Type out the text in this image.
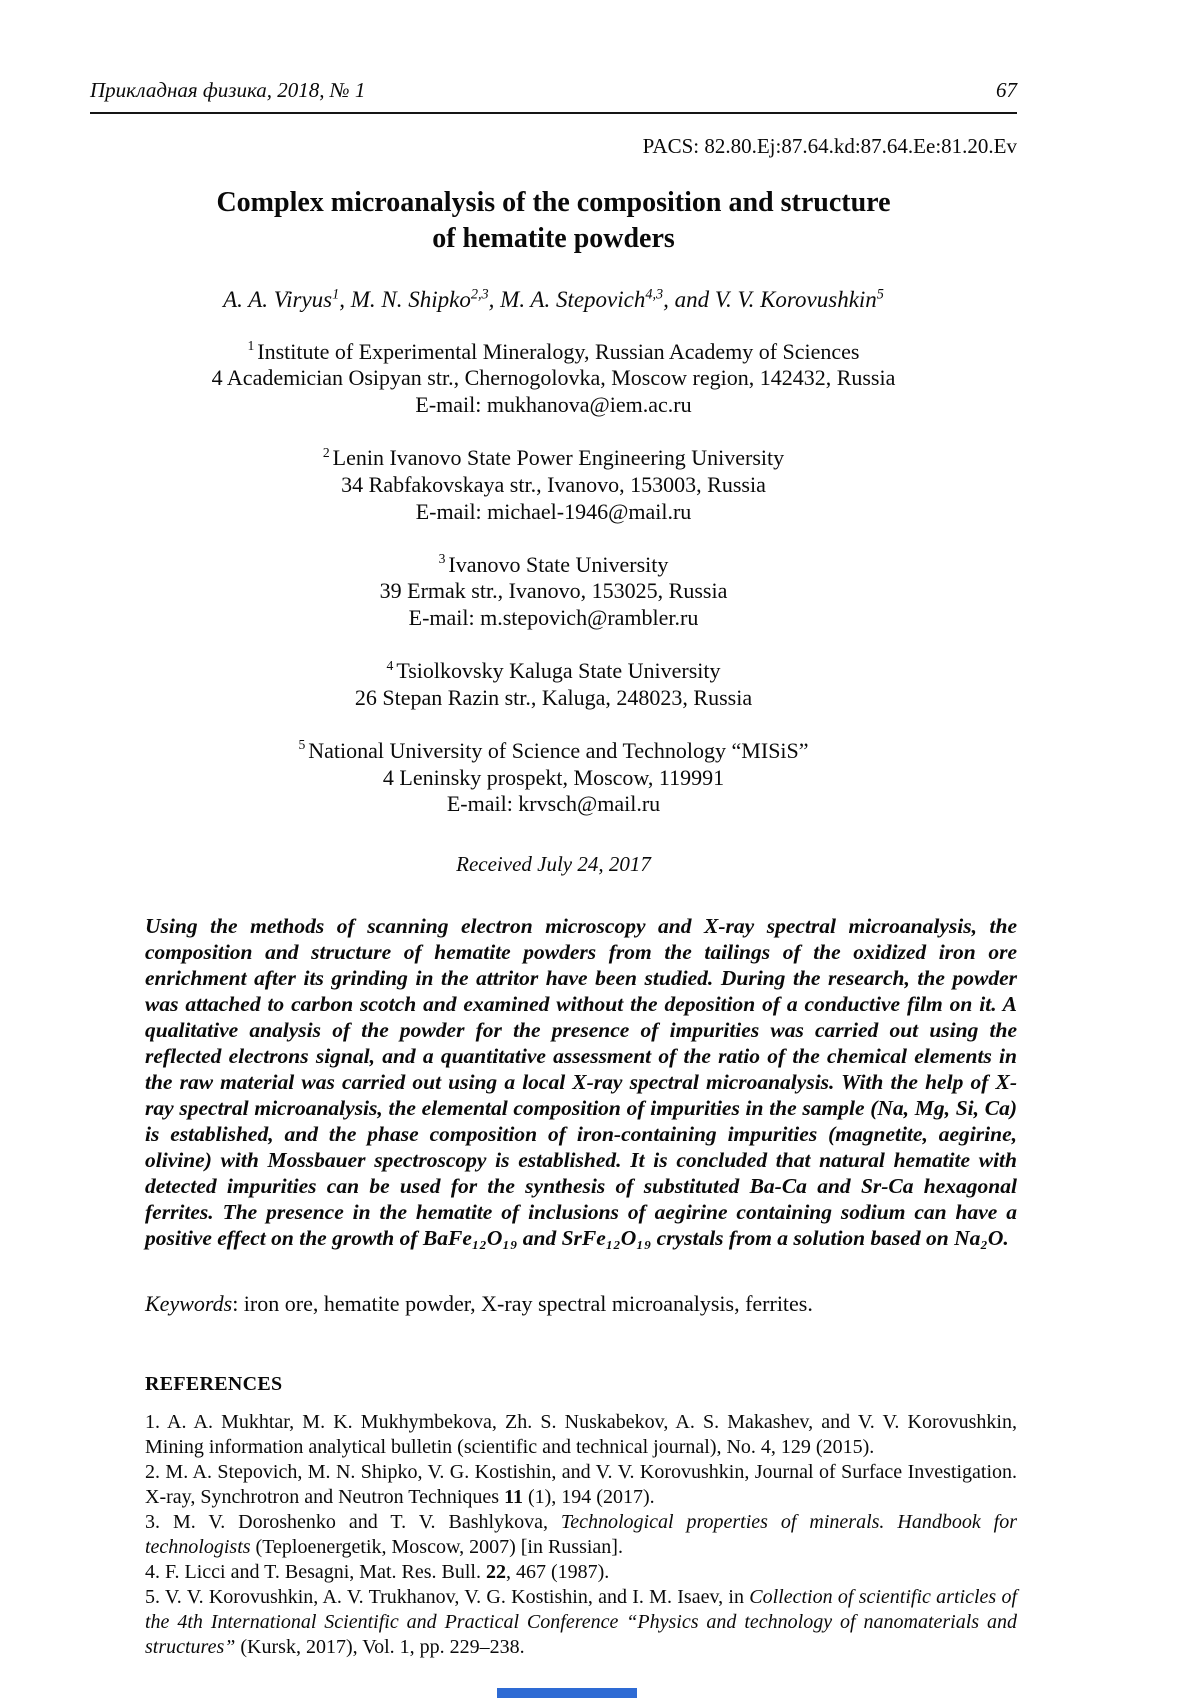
Прикладная физика, 2018, № 1	67
PACS: 82.80.Ej:87.64.kd:87.64.Ee:81.20.Ev
Complex microanalysis of the composition and structure
of hematite powders
A. A. Viryus$^1$, M. N. Shipko$^{2,3}$, M. A. Stepovich$^{4,3}$, and V. V. Korovushkin$^5$
$^1$ Institute of Experimental Mineralogy, Russian Academy of Sciences
4 Academician Osipyan str., Chernogolovka, Moscow region, 142432, Russia
E-mail: mukhanova@iem.ac.ru
$^2$ Lenin Ivanovo State Power Engineering University
34 Rabfakovskaya str., Ivanovo, 153003, Russia
E-mail: michael-1946@mail.ru
$^3$ Ivanovo State University
39 Ermak str., Ivanovo, 153025, Russia
E-mail: m.stepovich@rambler.ru
$^4$ Tsiolkovsky Kaluga State University
26 Stepan Razin str., Kaluga, 248023, Russia
$^5$ National University of Science and Technology “MISiS”
4 Leninsky prospekt, Moscow, 119991
E-mail: krvsch@mail.ru
Received July 24, 2017

Using the methods of scanning electron microscopy and X-ray spectral microanalysis, the composition and structure of hematite powders from the tailings of the oxidized iron ore enrichment after its grinding in the attritor have been studied. During the research, the powder was attached to carbon scotch and examined without the deposition of a conductive film on it. A qualitative analysis of the powder for the presence of impurities was carried out using the reflected electrons signal, and a quantitative assessment of the ratio of the chemical elements in the raw material was carried out using a local X-ray spectral microanalysis. With the help of X-ray spectral microanalysis, the elemental composition of impurities in the sample (Na, Mg, Si, Ca) is established, and the phase composition of iron-containing impurities (magnetite, aegirine, olivine) with Mossbauer spectroscopy is established. It is concluded that natural hematite with detected impurities can be used for the synthesis of substituted Ba-Ca and Sr-Ca hexagonal ferrites. The presence in the hematite of inclusions of aegirine containing sodium can have a positive effect on the growth of BaFe₁₂O₁₉ and SrFe₁₂O₁₉ crystals from a solution based on Na₂O.

Keywords: iron ore, hematite powder, X-ray spectral microanalysis, ferrites.

REFERENCES

1. A. A. Mukhtar, M. K. Mukhymbekova, Zh. S. Nuskabekov, A. S. Makashev, and V. V. Korovushkin, Mining information analytical bulletin (scientific and technical journal), No. 4, 129 (2015).

2. M. A. Stepovich, M. N. Shipko, V. G. Kostishin, and V. V. Korovushkin, Journal of Surface Investigation. X-ray, Synchrotron and Neutron Techniques 11 (1), 194 (2017).

3. M. V. Doroshenko and T. V. Bashlykova, Technological properties of minerals. Handbook for technologists (Teploenergetik, Moscow, 2007) [in Russian].

4. F. Licci and T. Besagni, Mat. Res. Bull. 22, 467 (1987).

5. V. V. Korovushkin, A. V. Trukhanov, V. G. Kostishin, and I. M. Isaev, in Collection of scientific articles of the 4th International Scientific and Practical Conference “Physics and technology of nanomaterials and structures” (Kursk, 2017), Vol. 1, pp. 229–238.
